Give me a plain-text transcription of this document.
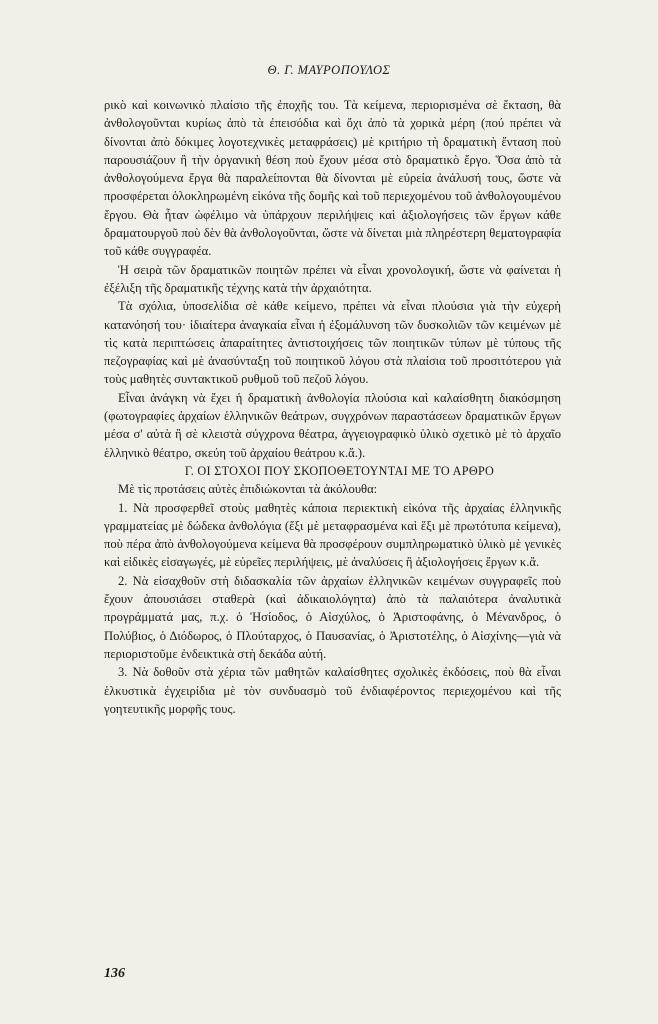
Θ. Γ. ΜΑΥΡΟΠΟΥΛΟΣ

ρικὸ καὶ κοινωνικὸ πλαίσιο τῆς ἐποχῆς του. Τὰ κείμενα, περιορισμένα σὲ ἔκταση, θὰ ἀνθολογοῦνται κυρίως ἀπὸ τὰ ἐπεισόδια καὶ ὄχι ἀπὸ τὰ χορικὰ μέρη (πού πρέπει νὰ δίνονται ἀπὸ δόκιμες λογοτεχνικὲς μεταφράσεις) μὲ κριτήριο τὴ δραματικὴ ἔνταση ποὺ παρουσιάζουν ἢ τὴν ὀργανικὴ θέση ποὺ ἔχουν μέσα στὸ δραματικὸ ἔργο. Ὅσα ἀπὸ τὰ ἀνθολογούμενα ἔργα θὰ παραλείπονται θὰ δίνονται μὲ εὐρεία ἀνάλυσή τους, ὥστε νὰ προσφέρεται ὁλοκληρωμένη εἰκόνα τῆς δομῆς καὶ τοῦ περιεχομένου τοῦ ἀνθολογουμένου ἔργου. Θὰ ἦταν ὠφέλιμο νὰ ὑπάρχουν περιλήψεις καὶ ἀξιολογήσεις τῶν ἔργων κάθε δραματουργοῦ ποὺ δὲν θὰ ἀνθολογοῦνται, ὥστε νὰ δίνεται μιὰ πληρέστερη θεματογραφία τοῦ κάθε συγγραφέα.

Ἡ σειρὰ τῶν δραματικῶν ποιητῶν πρέπει νὰ εἶναι χρονολογική, ὥστε νὰ φαίνεται ἡ ἐξέλιξη τῆς δραματικῆς τέχνης κατὰ τὴν ἀρχαιότητα.

Τὰ σχόλια, ὑποσελίδια σὲ κάθε κείμενο, πρέπει νὰ εἶναι πλούσια γιὰ τὴν εὐχερὴ κατανόησή του· ἰδιαίτερα ἀναγκαία εἶναι ἡ ἐξομάλυνση τῶν δυσκολιῶν τῶν κειμένων μὲ τὶς κατὰ περιπτώσεις ἀπαραίτητες ἀντιστοιχήσεις τῶν ποιητικῶν τύπων μὲ τύπους τῆς πεζογραφίας καὶ μὲ ἀνασύνταξη τοῦ ποιητικοῦ λόγου στὰ πλαίσια τοῦ προσιτότερου γιὰ τοὺς μαθητὲς συντακτικοῦ ρυθμοῦ τοῦ πεζοῦ λόγου.

Εἶναι ἀνάγκη νὰ ἔχει ἡ δραματικὴ ἀνθολογία πλούσια καὶ καλαίσθητη διακόσμηση (φωτογραφίες ἀρχαίων ἑλληνικῶν θεάτρων, συγχρόνων παραστάσεων δραματικῶν ἔργων μέσα σ' αὐτὰ ἢ σὲ κλειστὰ σύγχρονα θέατρα, ἀγγειογραφικὸ ὑλικὸ σχετικὸ μὲ τὸ ἀρχαῖο ἑλληνικὸ θέατρο, σκεύη τοῦ ἀρχαίου θεάτρου κ.ἄ.).

Γ. ΟΙ ΣΤΟΧΟΙ ΠΟΥ ΣΚΟΠΟΘΕΤΟΥΝΤΑΙ ΜΕ ΤΟ ΑΡΘΡΟ

Μὲ τὶς προτάσεις αὐτὲς ἐπιδιώκονται τὰ ἀκόλουθα:

1. Νὰ προσφερθεῖ στοὺς μαθητὲς κάποια περιεκτικὴ εἰκόνα τῆς ἀρχαίας ἑλληνικῆς γραμματείας μὲ δώδεκα ἀνθολόγια (ἕξι μὲ μεταφρασμένα καὶ ἕξι μὲ πρωτότυπα κείμενα), ποὺ πέρα ἀπὸ ἀνθολογούμενα κείμενα θὰ προσφέρουν συμπληρωματικὸ ὑλικὸ μὲ γενικὲς καὶ εἰδικὲς εἰσαγωγές, μὲ εὐρεῖες περιλήψεις, μὲ ἀναλύσεις ἢ ἀξιολογήσεις ἔργων κ.ἄ.

2. Νὰ εἰσαχθοῦν στὴ διδασκαλία τῶν ἀρχαίων ἑλληνικῶν κειμένων συγγραφεῖς ποὺ ἔχουν ἀπουσιάσει σταθερὰ (καὶ ἀδικαιολόγητα) ἀπὸ τὰ παλαιότερα ἀναλυτικὰ προγράμματά μας, π.χ. ὁ Ἡσίοδος, ὁ Αἰσχύλος, ὁ Ἀριστοφάνης, ὁ Μένανδρος, ὁ Πολύβιος, ὁ Διόδωρος, ὁ Πλούταρχος, ὁ Παυσανίας, ὁ Ἀριστοτέλης, ὁ Αἰσχίνης—γιὰ νὰ περιοριστοῦμε ἐνδεικτικὰ στὴ δεκάδα αὐτή.

3. Νὰ δοθοῦν στὰ χέρια τῶν μαθητῶν καλαίσθητες σχολικὲς ἐκδόσεις, ποὺ θὰ εἶναι ἑλκυστικὰ ἐγχειρίδια μὲ τὸν συνδυασμὸ τοῦ ἐνδιαφέροντος περιεχομένου καὶ τῆς γοητευτικῆς μορφῆς τους.

136
